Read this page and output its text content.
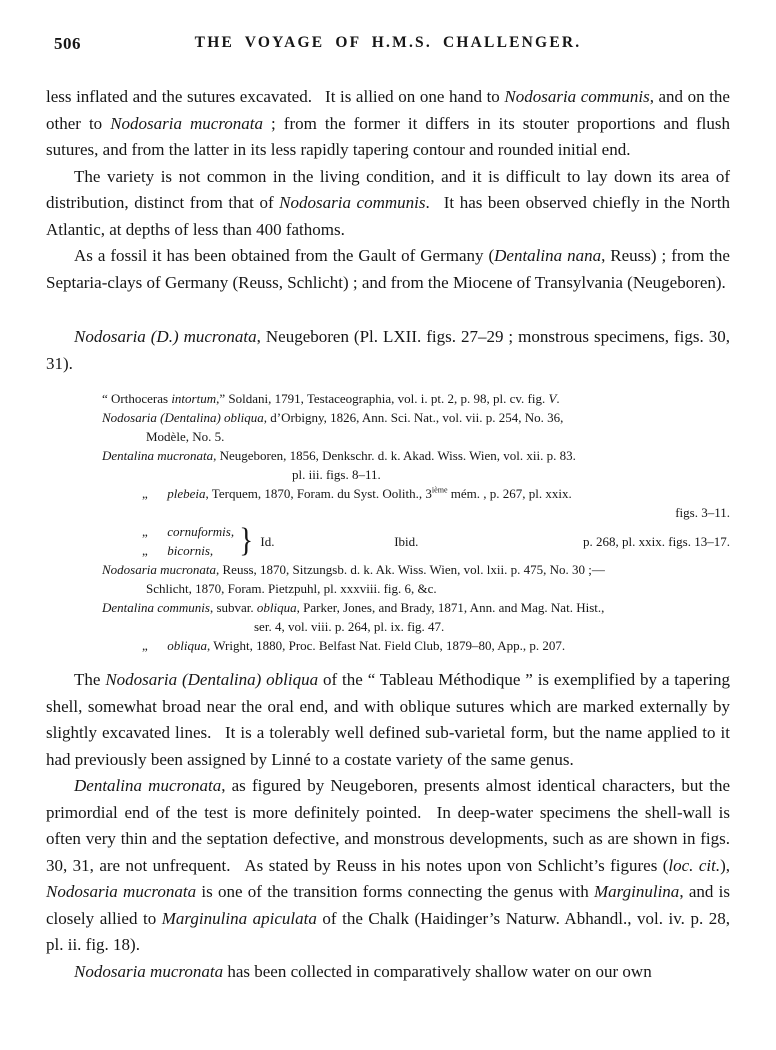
506	THE VOYAGE OF H.M.S. CHALLENGER.

less inflated and the sutures excavated.  It is allied on one hand to Nodosaria communis, and on the other to Nodosaria mucronata ; from the former it differs in its stouter proportions and flush sutures, and from the latter in its less rapidly tapering contour and rounded initial end.

The variety is not common in the living condition, and it is difficult to lay down its area of distribution, distinct from that of Nodosaria communis.  It has been observed chiefly in the North Atlantic, at depths of less than 400 fathoms.

As a fossil it has been obtained from the Gault of Germany (Dentalina nana, Reuss) ; from the Septaria-clays of Germany (Reuss, Schlicht) ; and from the Miocene of Transylvania (Neugeboren).

Nodosaria (D.) mucronata, Neugeboren (Pl. LXII. figs. 27–29 ; monstrous specimens, figs. 30, 31).

“ Orthoceras intortum,” Soldani, 1791, Testaceographia, vol. i. pt. 2, p. 98, pl. cv. fig. V.
Nodosaria (Dentalina) obliqua, d’Orbigny, 1826, Ann. Sci. Nat., vol. vii. p. 254, No. 36,
Modèle, No. 5.
Dentalina mucronata, Neugeboren, 1856, Denkschr. d. k. Akad. Wiss. Wien, vol. xii. p. 83.
pl. iii. figs. 8–11.
„  plebeia, Terquem, 1870, Foram. du Syst. Oolith., 3ième mém. , p. 267, pl. xxix.
figs. 3–11.
„  cornuformis,
„  bicornis, } Id.	Ibid.	p. 268, pl. xxix. figs. 13–17.
Nodosaria mucronata, Reuss, 1870, Sitzungsb. d. k. Ak. Wiss. Wien, vol. lxii. p. 475, No. 30 ;—
Schlicht, 1870, Foram. Pietzpuhl, pl. xxxviii. fig. 6, &c.
Dentalina communis, subvar. obliqua, Parker, Jones, and Brady, 1871, Ann. and Mag. Nat. Hist.,
ser. 4, vol. viii. p. 264, pl. ix. fig. 47.
„  obliqua, Wright, 1880, Proc. Belfast Nat. Field Club, 1879–80, App., p. 207.

The Nodosaria (Dentalina) obliqua of the “ Tableau Méthodique ” is exemplified by a tapering shell, somewhat broad near the oral end, and with oblique sutures which are marked externally by slightly excavated lines.  It is a tolerably well defined sub-varietal form, but the name applied to it had previously been assigned by Linné to a costate variety of the same genus.

Dentalina mucronata, as figured by Neugeboren, presents almost identical characters, but the primordial end of the test is more definitely pointed.  In deep-water specimens the shell-wall is often very thin and the septation defective, and monstrous developments, such as are shown in figs. 30, 31, are not unfrequent.  As stated by Reuss in his notes upon von Schlicht’s figures (loc. cit.), Nodosaria mucronata is one of the transition forms connecting the genus with Marginulina, and is closely allied to Marginulina apiculata of the Chalk (Haidinger’s Naturw. Abhandl., vol. iv. p. 28, pl. ii. fig. 18).

Nodosaria mucronata has been collected in comparatively shallow water on our own
